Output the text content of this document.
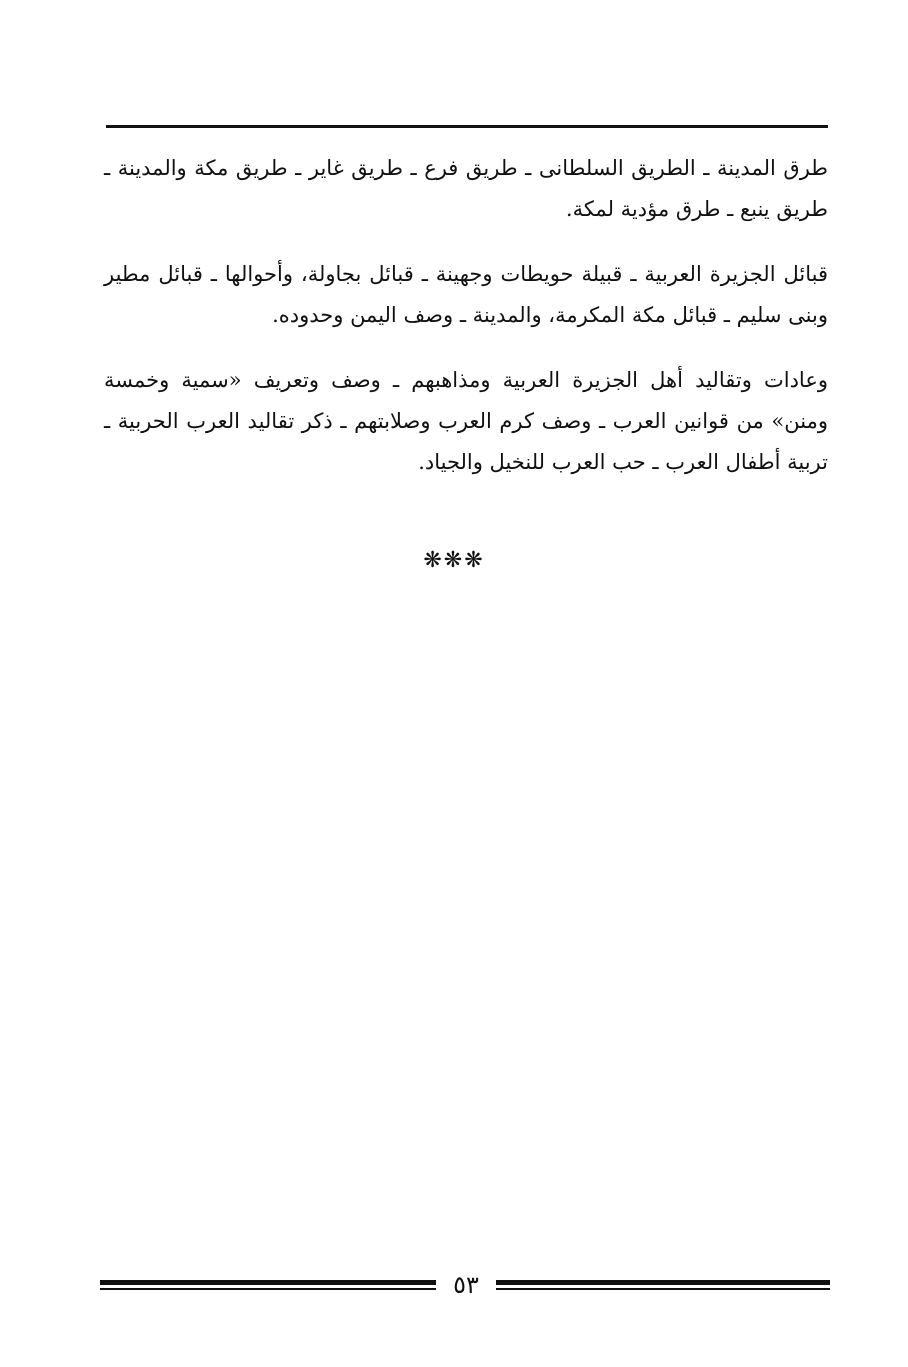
طرق المدينة ـ الطريق السلطانى ـ طريق فرع ـ طريق غاير ـ طريق مكة والمدينة ـ طريق ينبع ـ طرق مؤدية لمكة.

قبائل الجزيرة العربية ـ قبيلة حويطات وجهينة ـ قبائل بجاولة، وأحوالها ـ قبائل مطير وبنى سليم ـ قبائل مكة المكرمة، والمدينة ـ وصف اليمن وحدوده.

وعادات وتقاليد أهل الجزيرة العربية ومذاهبهم ـ وصف وتعريف «سمية وخمسة ومنن» من قوانين العرب ـ وصف كرم العرب وصلابتهم ـ ذكر تقاليد العرب الحربية ـ تربية أطفال العرب ـ حب العرب للنخيل والجياد.

❋❋❋
٥٣
